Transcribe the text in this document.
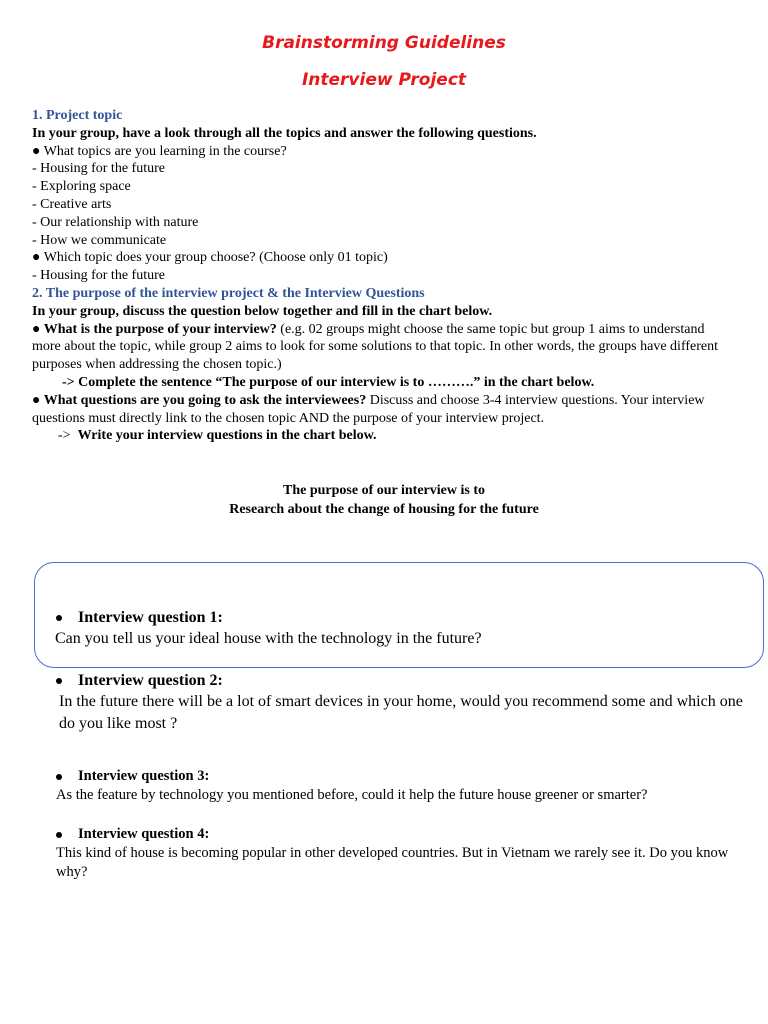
Brainstorming Guidelines
Interview Project

1. Project topic

In your group, have a look through all the topics and answer the following questions.

● What topics are you learning in the course?

- Housing for the future

- Exploring space

- Creative arts

- Our relationship with nature

- How we communicate

● Which topic does your group choose? (Choose only 01 topic)

- Housing for the future

2. The purpose of the interview project & the Interview Questions

In your group, discuss the question below together and fill in the chart below.

● What is the purpose of your interview? (e.g. 02 groups might choose the same topic but group 1 aims to understand more about the topic, while group 2 aims to look for some solutions to that topic. In other words, the groups have different purposes when addressing the chosen topic.)

-> Complete the sentence “The purpose of our interview is to ……….” in the chart below.

● What questions are you going to ask the interviewees? Discuss and choose 3-4 interview questions. Your interview questions must directly link to the chosen topic AND the purpose of your interview project.

-> Write your interview questions in the chart below.

The purpose of our interview is to

Research about the change of housing for the future

Interview question 1:

Can you tell us your ideal house with the technology in the future?

Interview question 2:

In the future there will be a lot of smart devices in your home, would you recommend some and which one do you like most ?

Interview question 3:

As the feature by technology you mentioned before, could it help the future house greener or smarter?

Interview question 4:

This kind of house is becoming popular in other developed countries. But in Vietnam we rarely see it. Do you know why?
